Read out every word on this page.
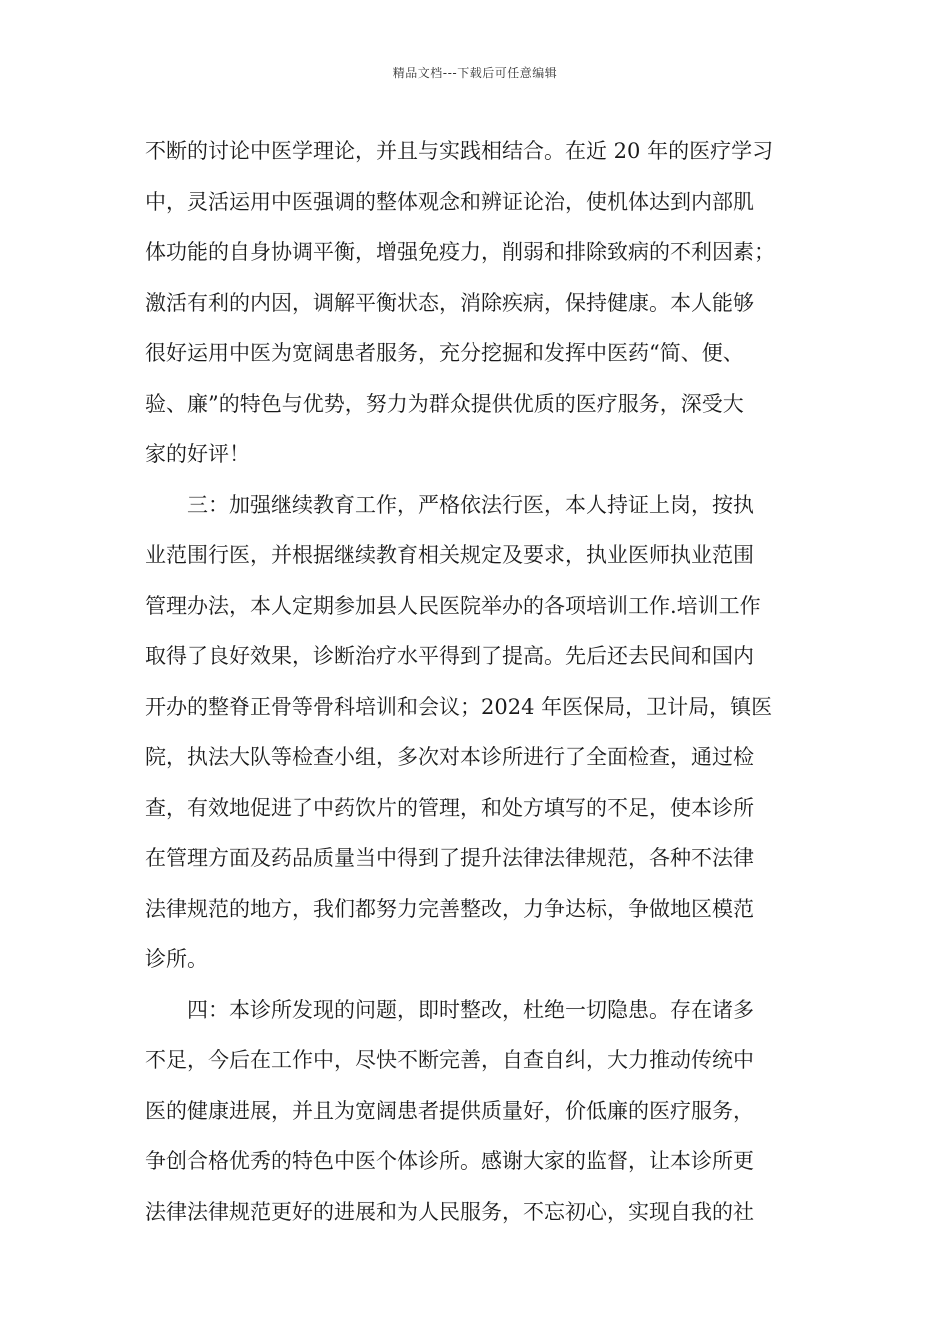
精品文档---下载后可任意编辑
不断的讨论中医学理论，并且与实践相结合。在近 20 年的医疗学习
中，灵活运用中医强调的整体观念和辨证论治，使机体达到内部肌
体功能的自身协调平衡，增强免疫力，削弱和排除致病的不利因素；
激活有利的内因，调解平衡状态，消除疾病，保持健康。本人能够
很好运用中医为宽阔患者服务，充分挖掘和发挥中医药“简、便、
验、廉”的特色与优势，努力为群众提供优质的医疗服务，深受大
家的好评！
三：加强继续教育工作，严格依法行医，本人持证上岗，按执
业范围行医，并根据继续教育相关规定及要求，执业医师执业范围
管理办法，本人定期参加县人民医院举办的各项培训工作.培训工作
取得了良好效果，诊断治疗水平得到了提高。先后还去民间和国内
开办的整脊正骨等骨科培训和会议；2024 年医保局，卫计局，镇医
院，执法大队等检查小组，多次对本诊所进行了全面检查，通过检
查，有效地促进了中药饮片的管理，和处方填写的不足，使本诊所
在管理方面及药品质量当中得到了提升法律法律规范，各种不法律
法律规范的地方，我们都努力完善整改，力争达标，争做地区模范
诊所。
四：本诊所发现的问题，即时整改，杜绝一切隐患。存在诸多
不足，今后在工作中，尽快不断完善，自查自纠，大力推动传统中
医的健康进展，并且为宽阔患者提供质量好，价低廉的医疗服务，
争创合格优秀的特色中医个体诊所。感谢大家的监督，让本诊所更
法律法律规范更好的进展和为人民服务，不忘初心，实现自我的社
